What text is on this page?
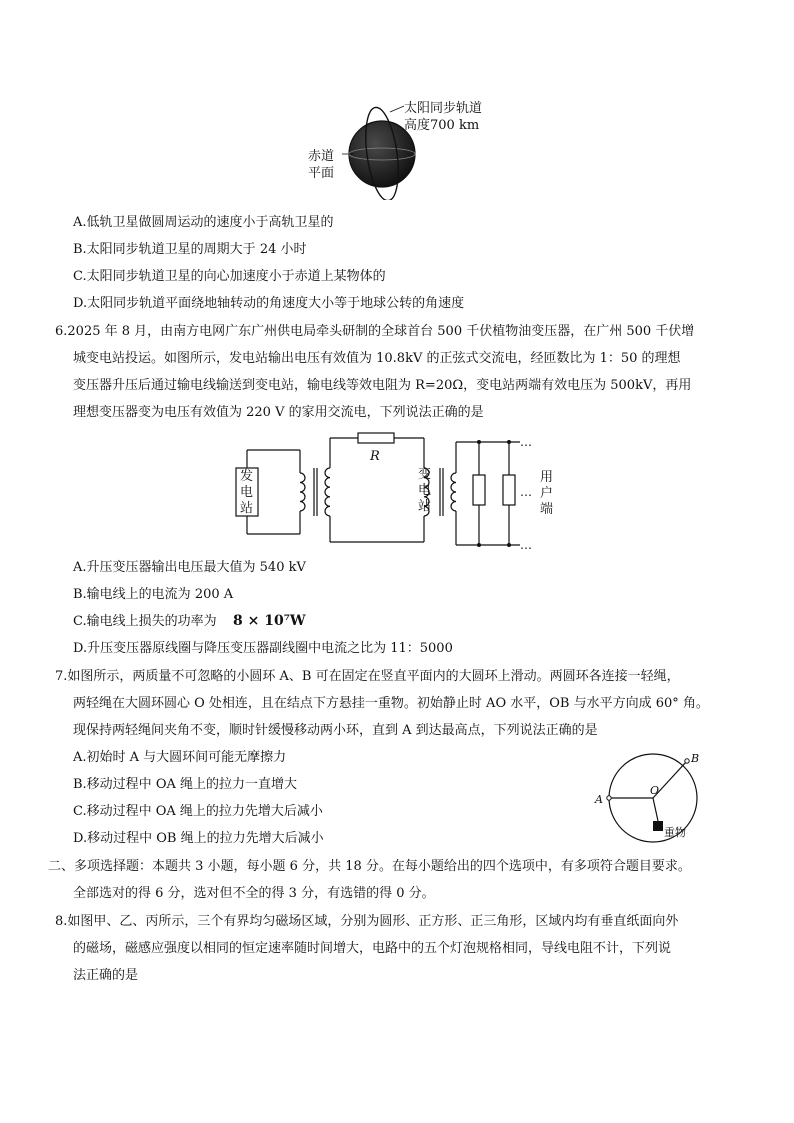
太阳同步轨道
高度700 km
赤道
平面
A.低轨卫星做圆周运动的速度小于高轨卫星的
B.太阳同步轨道卫星的周期大于 24 小时
C.太阳同步轨道卫星的向心加速度小于赤道上某物体的
D.太阳同步轨道平面绕地轴转动的角速度大小等于地球公转的角速度
6.2025 年 8 月，由南方电网广东广州供电局牵头研制的全球首台 500 千伏植物油变压器，在广州 500 千伏增
城变电站投运。如图所示，发电站输出电压有效值为 10.8kV 的正弦式交流电，经匝数比为 1：50 的理想
变压器升压后通过输电线输送到变电站，输电线等效电阻为 R=20Ω，变电站两端有效电压为 500kV，再用
理想变压器变为电压有效值为 220 V 的家用交流电，下列说法正确的是
R
…
…
…
发电站
变电站
用户端
A.升压变压器输出电压最大值为 540 kV
B.输电线上的电流为 200 A
C.输电线上损失的功率为 8 × 10⁷W
D.升压变压器原线圈与降压变压器副线圈中电流之比为 11：5000
7.如图所示，两质量不可忽略的小圆环 A、B 可在固定在竖直平面内的大圆环上滑动。两圆环各连接一轻绳，
两轻绳在大圆环圆心 O 处相连，且在结点下方悬挂一重物。初始静止时 AO 水平，OB 与水平方向成 60° 角。
现保持两轻绳间夹角不变，顺时针缓慢移动两小环，直到 A 到达最高点，下列说法正确的是
A.初始时 A 与大圆环间可能无摩擦力
B.移动过程中 OA 绳上的拉力一直增大
C.移动过程中 OA 绳上的拉力先增大后减小
D.移动过程中 OB 绳上的拉力先增大后减小
A
B
O
重物
二、多项选择题：本题共 3 小题，每小题 6 分，共 18 分。在每小题给出的四个选项中，有多项符合题目要求。
全部选对的得 6 分，选对但不全的得 3 分，有选错的得 0 分。
8.如图甲、乙、丙所示，三个有界均匀磁场区域，分别为圆形、正方形、正三角形，区域内均有垂直纸面向外
的磁场，磁感应强度以相同的恒定速率随时间增大，电路中的五个灯泡规格相同，导线电阻不计，下列说
法正确的是
